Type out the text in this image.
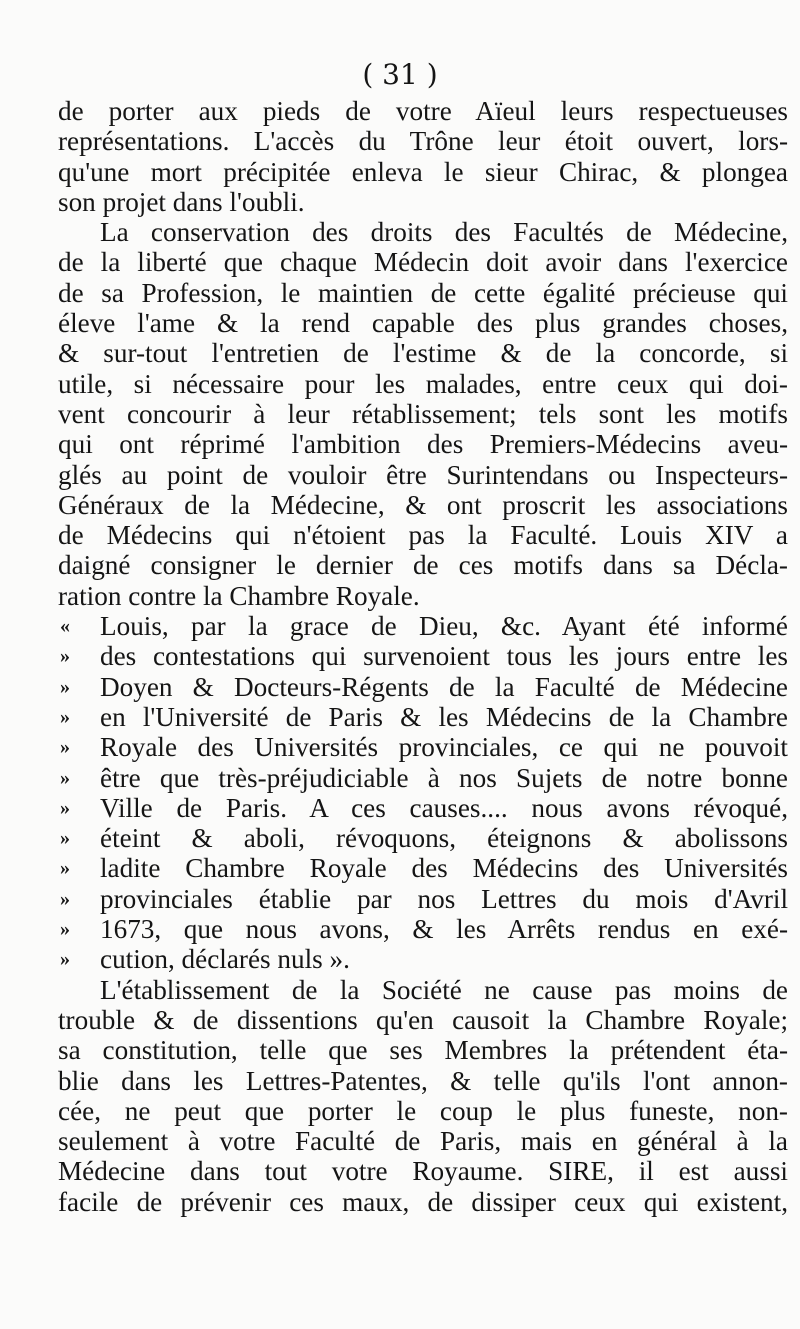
( 31 )
de porter aux pieds de votre Aïeul leurs respectueuses
représentations. L'accès du Trône leur étoit ouvert, lors-
qu'une mort précipitée enleva le sieur Chirac, & plongea
son projet dans l'oubli.
La conservation des droits des Facultés de Médecine,
de la liberté que chaque Médecin doit avoir dans l'exercice
de sa Profession, le maintien de cette égalité précieuse qui
éleve l'ame & la rend capable des plus grandes choses,
& sur-tout l'entretien de l'estime & de la concorde, si
utile, si nécessaire pour les malades, entre ceux qui doi-
vent concourir à leur rétablissement; tels sont les motifs
qui ont réprimé l'ambition des Premiers-Médecins aveu-
glés au point de vouloir être Surintendans ou Inspecteurs-
Généraux de la Médecine, & ont proscrit les associations
de Médecins qui n'étoient pas la Faculté. Louis XIV a
daigné consigner le dernier de ces motifs dans sa Décla-
ration contre la Chambre Royale.
« Louis, par la grace de Dieu, &c. Ayant été informé
» des contestations qui survenoient tous les jours entre les
» Doyen & Docteurs-Régents de la Faculté de Médecine
» en l'Université de Paris & les Médecins de la Chambre
» Royale des Universités provinciales, ce qui ne pouvoit
» être que très-préjudiciable à nos Sujets de notre bonne
» Ville de Paris. A ces causes.... nous avons révoqué,
» éteint & aboli, révoquons, éteignons & abolissons
» ladite Chambre Royale des Médecins des Universités
» provinciales établie par nos Lettres du mois d'Avril
» 1673, que nous avons, & les Arrêts rendus en exé-
» cution, déclarés nuls ».
L'établissement de la Société ne cause pas moins de
trouble & de dissentions qu'en causoit la Chambre Royale;
sa constitution, telle que ses Membres la prétendent éta-
blie dans les Lettres-Patentes, & telle qu'ils l'ont annon-
cée, ne peut que porter le coup le plus funeste, non-
seulement à votre Faculté de Paris, mais en général à la
Médecine dans tout votre Royaume. SIRE, il est aussi
facile de prévenir ces maux, de dissiper ceux qui existent,
